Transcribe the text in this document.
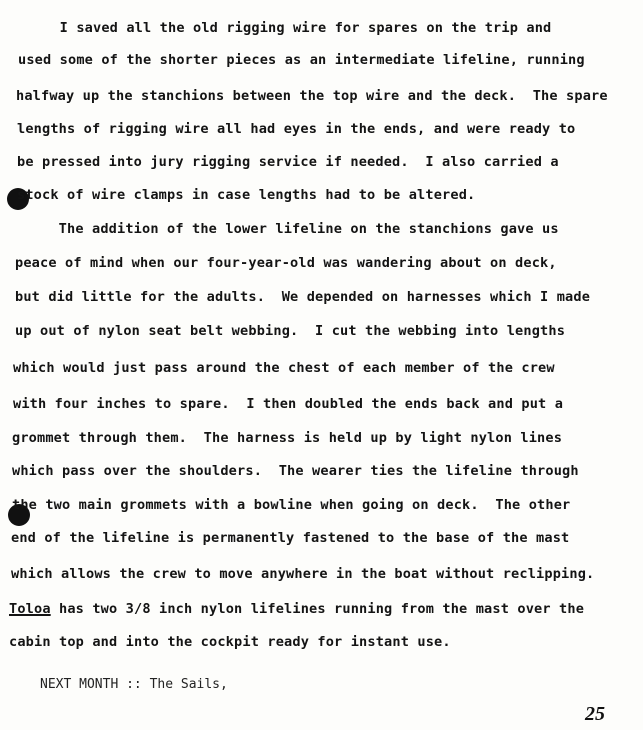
I saved all the old rigging wire for spares on the trip and
used some of the shorter pieces as an intermediate lifeline, running
halfway up the stanchions between the top wire and the deck.  The spare
lengths of rigging wire all had eyes in the ends, and were ready to
be pressed into jury rigging service if needed.  I also carried a
stock of wire clamps in case lengths had to be altered.
The addition of the lower lifeline on the stanchions gave us
peace of mind when our four-year-old was wandering about on deck,
but did little for the adults.  We depended on harnesses which I made
up out of nylon seat belt webbing.  I cut the webbing into lengths
which would just pass around the chest of each member of the crew
with four inches to spare.  I then doubled the ends back and put a
grommet through them.  The harness is held up by light nylon lines
which pass over the shoulders.  The wearer ties the lifeline through
the two main grommets with a bowline when going on deck.  The other
end of the lifeline is permanently fastened to the base of the mast
which allows the crew to move anywhere in the boat without reclipping.
Toloa has two 3/8 inch nylon lifelines running from the mast over the
cabin top and into the cockpit ready for instant use.
NEXT MONTH :: The Sails,
25
